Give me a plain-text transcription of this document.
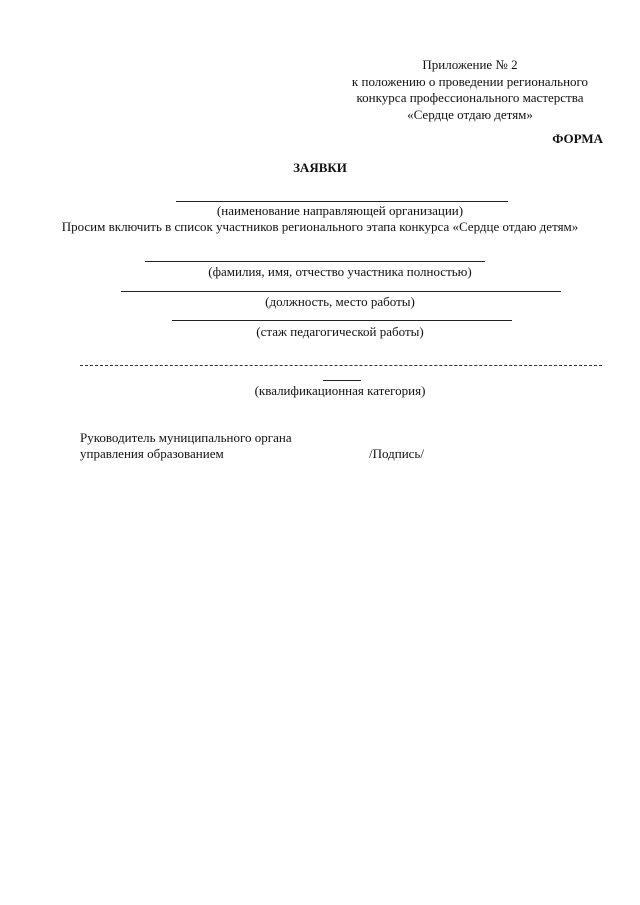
Приложение № 2
к положению о проведении регионального
конкурса профессионального мастерства
«Сердце отдаю детям»
ФОРМА
ЗАЯВКИ
(наименование направляющей организации)
Просим включить в список участников регионального этапа конкурса «Сердце отдаю детям»
(фамилия, имя, отчество участника полностью)
(должность, место работы)
(стаж педагогической работы)
(квалификационная категория)
Руководитель муниципального органа
управления образованием	/Подпись/
